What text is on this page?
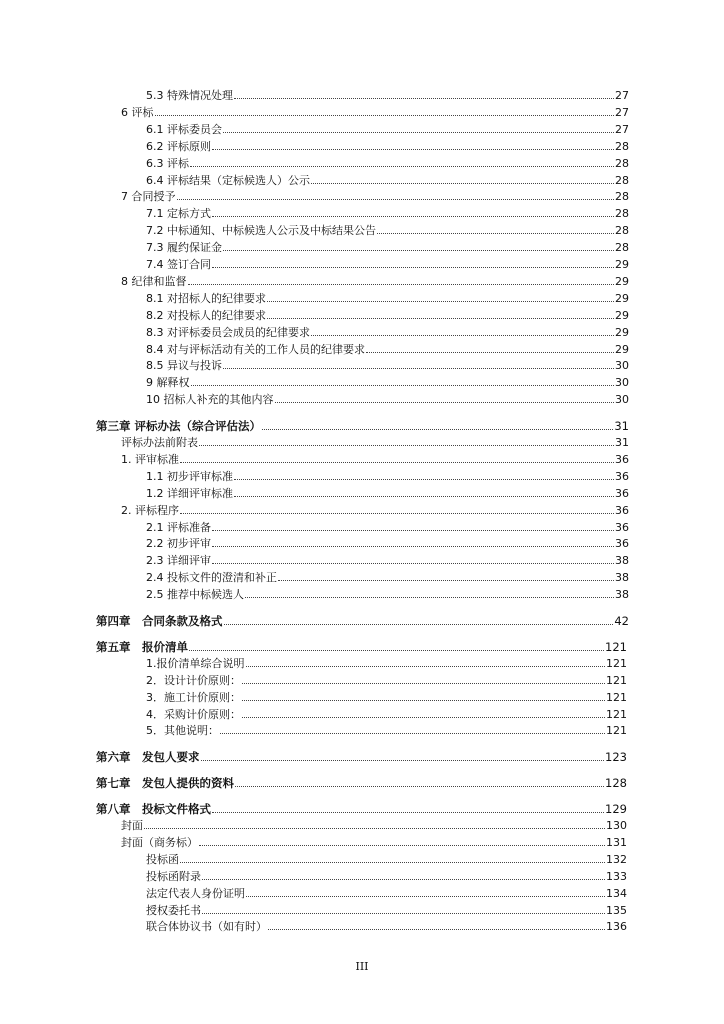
5.3 特殊情况处理	27
6 评标	27
6.1 评标委员会	27
6.2 评标原则	28
6.3 评标	28
6.4 评标结果（定标候选人）公示	28
7 合同授予	28
7.1 定标方式	28
7.2 中标通知、中标候选人公示及中标结果公告	28
7.3 履约保证金	28
7.4 签订合同	29
8 纪律和监督	29
8.1 对招标人的纪律要求	29
8.2 对投标人的纪律要求	29
8.3 对评标委员会成员的纪律要求	29
8.4 对与评标活动有关的工作人员的纪律要求	29
8.5 异议与投诉	30
9 解释权	30
10 招标人补充的其他内容	30
第三章 评标办法（综合评估法）	31
评标办法前附表	31
1. 评审标准	36
1.1 初步评审标准	36
1.2 详细评审标准	36
2. 评标程序	36
2.1 评标准备	36
2.2 初步评审	36
2.3 详细评审	38
2.4 投标文件的澄清和补正	38
2.5 推荐中标候选人	38
第四章　合同条款及格式	42
第五章　报价清单	121
1.报价清单综合说明	121
2．设计计价原则：	121
3．施工计价原则：	121
4．采购计价原则：	121
5．其他说明：	121
第六章　发包人要求	123
第七章　发包人提供的资料	128
第八章　投标文件格式	129
封面	130
封面（商务标）	131
投标函	132
投标函附录	133
法定代表人身份证明	134
授权委托书	135
联合体协议书（如有时）	136
III
